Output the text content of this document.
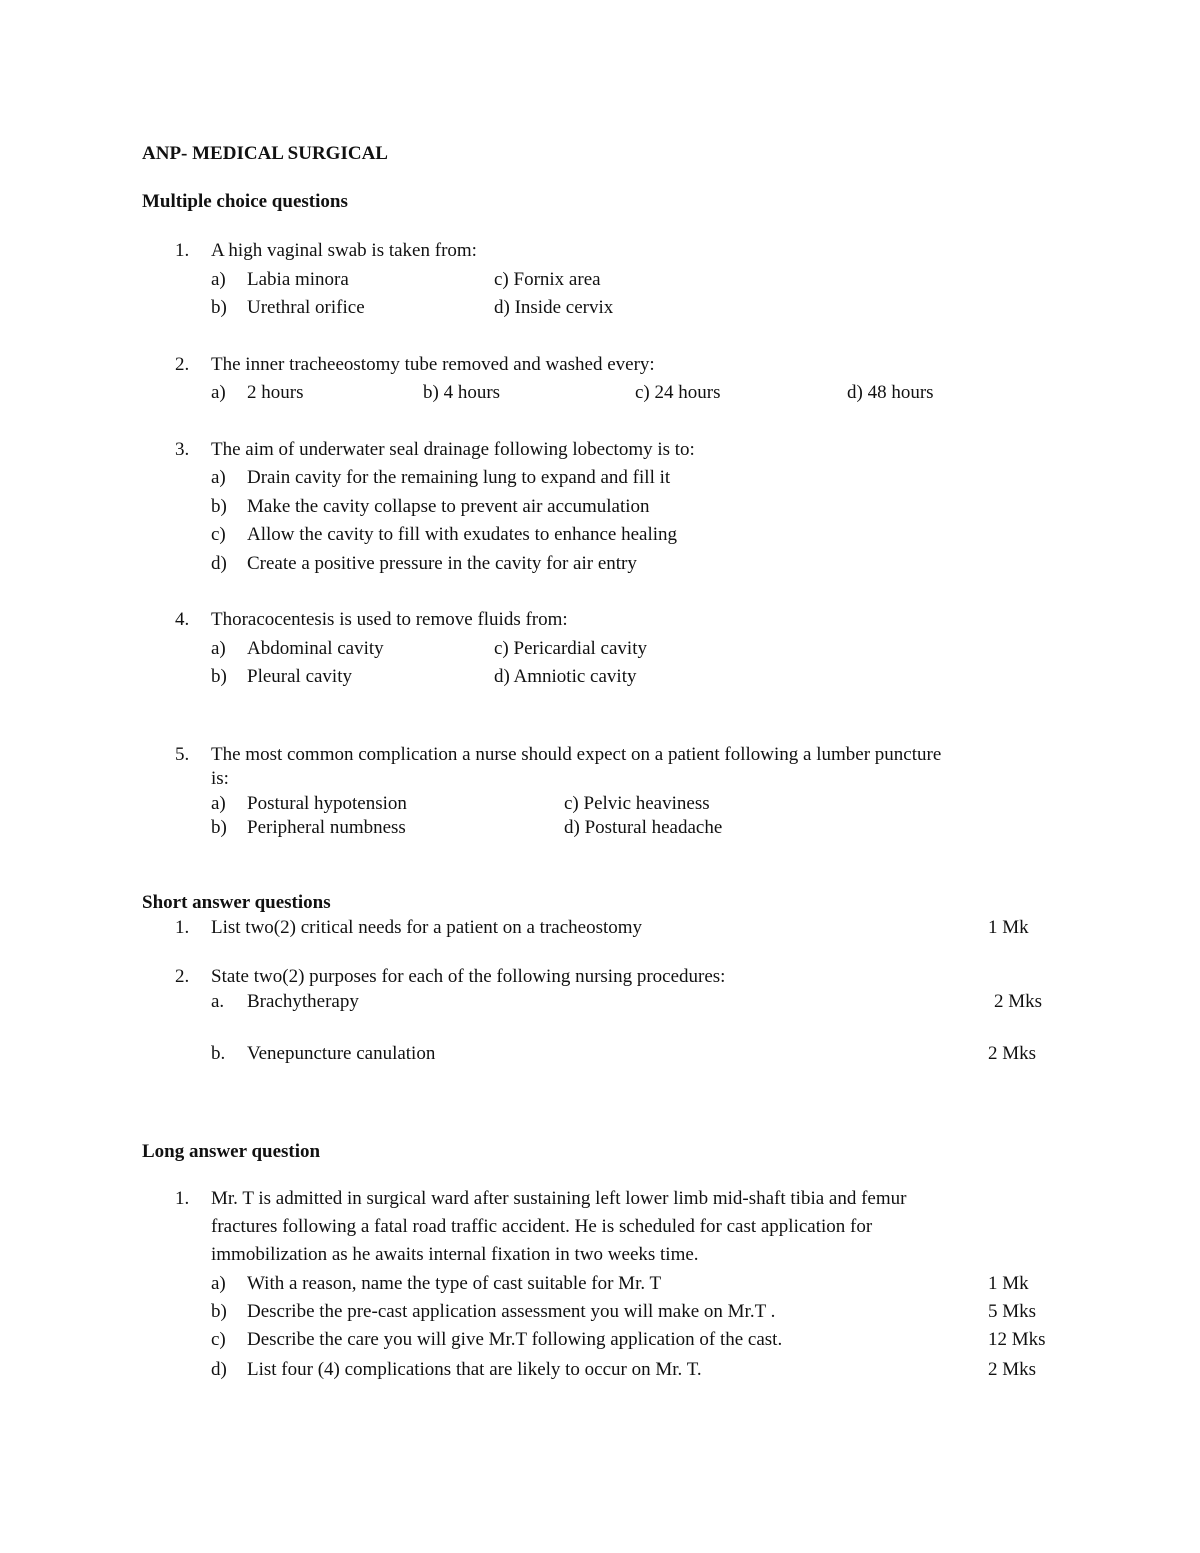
ANP- MEDICAL SURGICAL
Multiple choice questions
1. A high vaginal swab is taken from:
a) Labia minora	c) Fornix area
b) Urethral orifice	d) Inside cervix
2. The inner tracheeostomy tube removed and washed every:
a) 2 hours	b) 4 hours	c) 24 hours	d) 48 hours
3. The aim of underwater seal drainage following lobectomy is to:
a) Drain cavity for the remaining lung to expand and fill it
b) Make the cavity collapse to prevent air accumulation
c) Allow the cavity to fill with exudates to enhance healing
d) Create a positive pressure in the cavity for air entry
4. Thoracocentesis is used to remove fluids from:
a) Abdominal cavity	c) Pericardial cavity
b) Pleural cavity	d) Amniotic cavity
5. The most common complication a nurse should expect on a patient following a lumber puncture
is:
a) Postural hypotension	c) Pelvic heaviness
b) Peripheral numbness	d) Postural headache
Short answer questions
1. List two(2) critical needs for a patient on a tracheostomy	1 Mk
2. State two(2) purposes for each of the following nursing procedures:
a. Brachytherapy	2 Mks
b. Venepuncture canulation	2 Mks
Long answer question
1. Mr. T is admitted in surgical ward after sustaining left lower limb mid-shaft tibia and femur
fractures following a fatal road traffic accident. He is scheduled for cast application for
immobilization as he awaits internal fixation in two weeks time.
a) With a reason, name the type of cast suitable for Mr. T	1 Mk
b) Describe the pre-cast application assessment you will make on Mr.T .	5 Mks
c) Describe the care you will give Mr.T following application of the cast.	12 Mks
d) List four (4) complications that are likely to occur on Mr. T.	2 Mks
